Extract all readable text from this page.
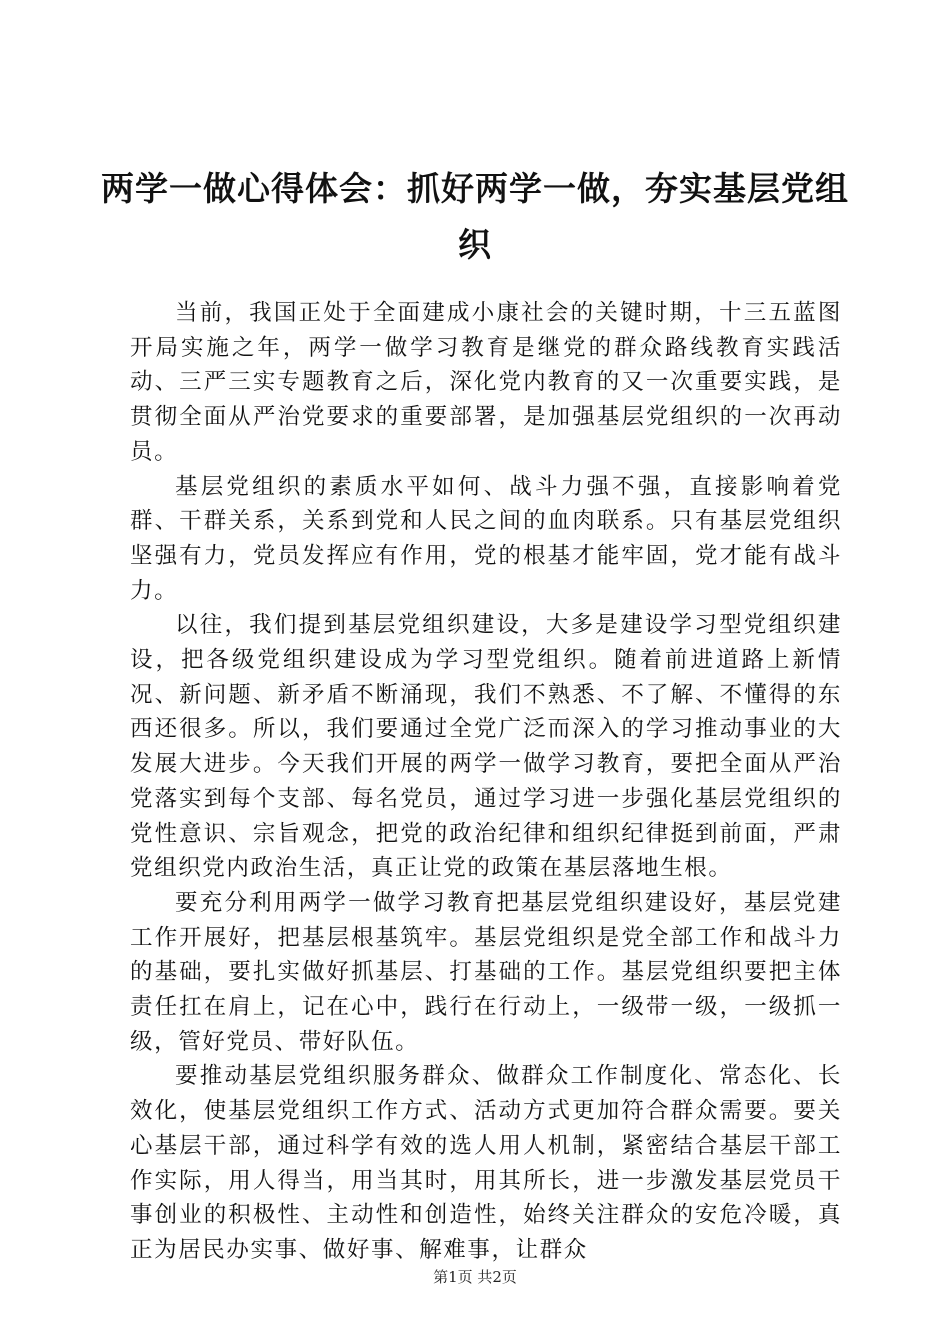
两学一做心得体会：抓好两学一做，夯实基层党组织

当前，我国正处于全面建成小康社会的关键时期，十三五蓝图开局实施之年，两学一做学习教育是继党的群众路线教育实践活动、三严三实专题教育之后，深化党内教育的又一次重要实践，是贯彻全面从严治党要求的重要部署，是加强基层党组织的一次再动员。

基层党组织的素质水平如何、战斗力强不强，直接影响着党群、干群关系，关系到党和人民之间的血肉联系。只有基层党组织坚强有力，党员发挥应有作用，党的根基才能牢固，党才能有战斗力。

以往，我们提到基层党组织建设，大多是建设学习型党组织建设，把各级党组织建设成为学习型党组织。随着前进道路上新情况、新问题、新矛盾不断涌现，我们不熟悉、不了解、不懂得的东西还很多。所以，我们要通过全党广泛而深入的学习推动事业的大发展大进步。今天我们开展的两学一做学习教育，要把全面从严治党落实到每个支部、每名党员，通过学习进一步强化基层党组织的党性意识、宗旨观念，把党的政治纪律和组织纪律挺到前面，严肃党组织党内政治生活，真正让党的政策在基层落地生根。

要充分利用两学一做学习教育把基层党组织建设好，基层党建工作开展好，把基层根基筑牢。基层党组织是党全部工作和战斗力的基础，要扎实做好抓基层、打基础的工作。基层党组织要把主体责任扛在肩上，记在心中，践行在行动上，一级带一级，一级抓一级，管好党员、带好队伍。

要推动基层党组织服务群众、做群众工作制度化、常态化、长效化，使基层党组织工作方式、活动方式更加符合群众需要。要关心基层干部，通过科学有效的选人用人机制，紧密结合基层干部工作实际，用人得当，用当其时，用其所长，进一步激发基层党员干事创业的积极性、主动性和创造性，始终关注群众的安危冷暖，真正为居民办实事、做好事、解难事，让群众

第1页 共2页
